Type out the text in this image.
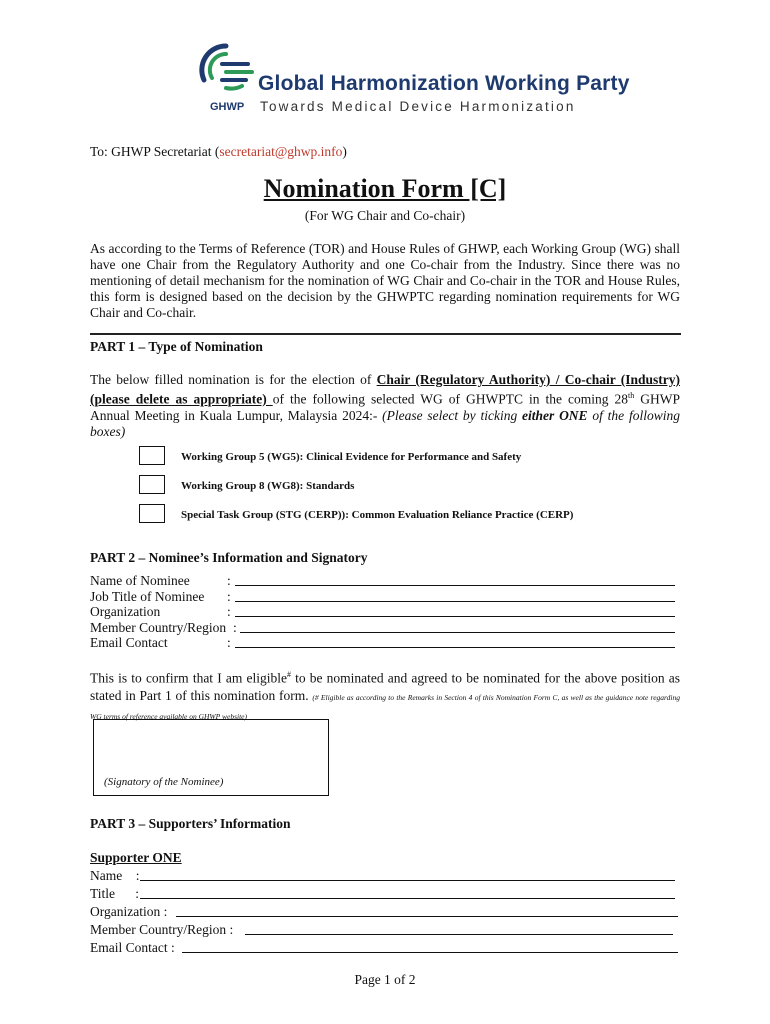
Global Harmonization Working Party
GHWP Towards Medical Device Harmonization
To: GHWP Secretariat (secretariat@ghwp.info)
Nomination Form [C]
(For WG Chair and Co-chair)
As according to the Terms of Reference (TOR) and House Rules of GHWP, each Working Group (WG) shall have one Chair from the Regulatory Authority and one Co-chair from the Industry. Since there was no mentioning of detail mechanism for the nomination of WG Chair and Co-chair in the TOR and House Rules, this form is designed based on the decision by the GHWPTC regarding nomination requirements for WG Chair and Co-chair.
PART 1 – Type of Nomination
The below filled nomination is for the election of Chair (Regulatory Authority) / Co-chair (Industry) (please delete as appropriate) of the following selected WG of GHWPTC in the coming 28th GHWP Annual Meeting in Kuala Lumpur, Malaysia 2024:- (Please select by ticking either ONE of the following boxes)
Working Group 5 (WG5): Clinical Evidence for Performance and Safety
Working Group 8 (WG8): Standards
Special Task Group (STG (CERP)): Common Evaluation Reliance Practice (CERP)
PART 2 – Nominee’s Information and Signatory
Name of Nominee	:
Job Title of Nominee :
Organization	:
Member Country/Region :
Email Contact	:
This is to confirm that I am eligible# to be nominated and agreed to be nominated for the above position as stated in Part 1 of this nomination form. (# Eligible as according to the Remarks in Section 4 of this Nomination Form C, as well as the guidance note regarding WG terms of reference available on GHWP website)
(Signatory of the Nominee)
PART 3 – Supporters’ Information
Supporter ONE
Name    :
Title      :
Organization :
Member Country/Region :
Email Contact :
Page 1 of 2
